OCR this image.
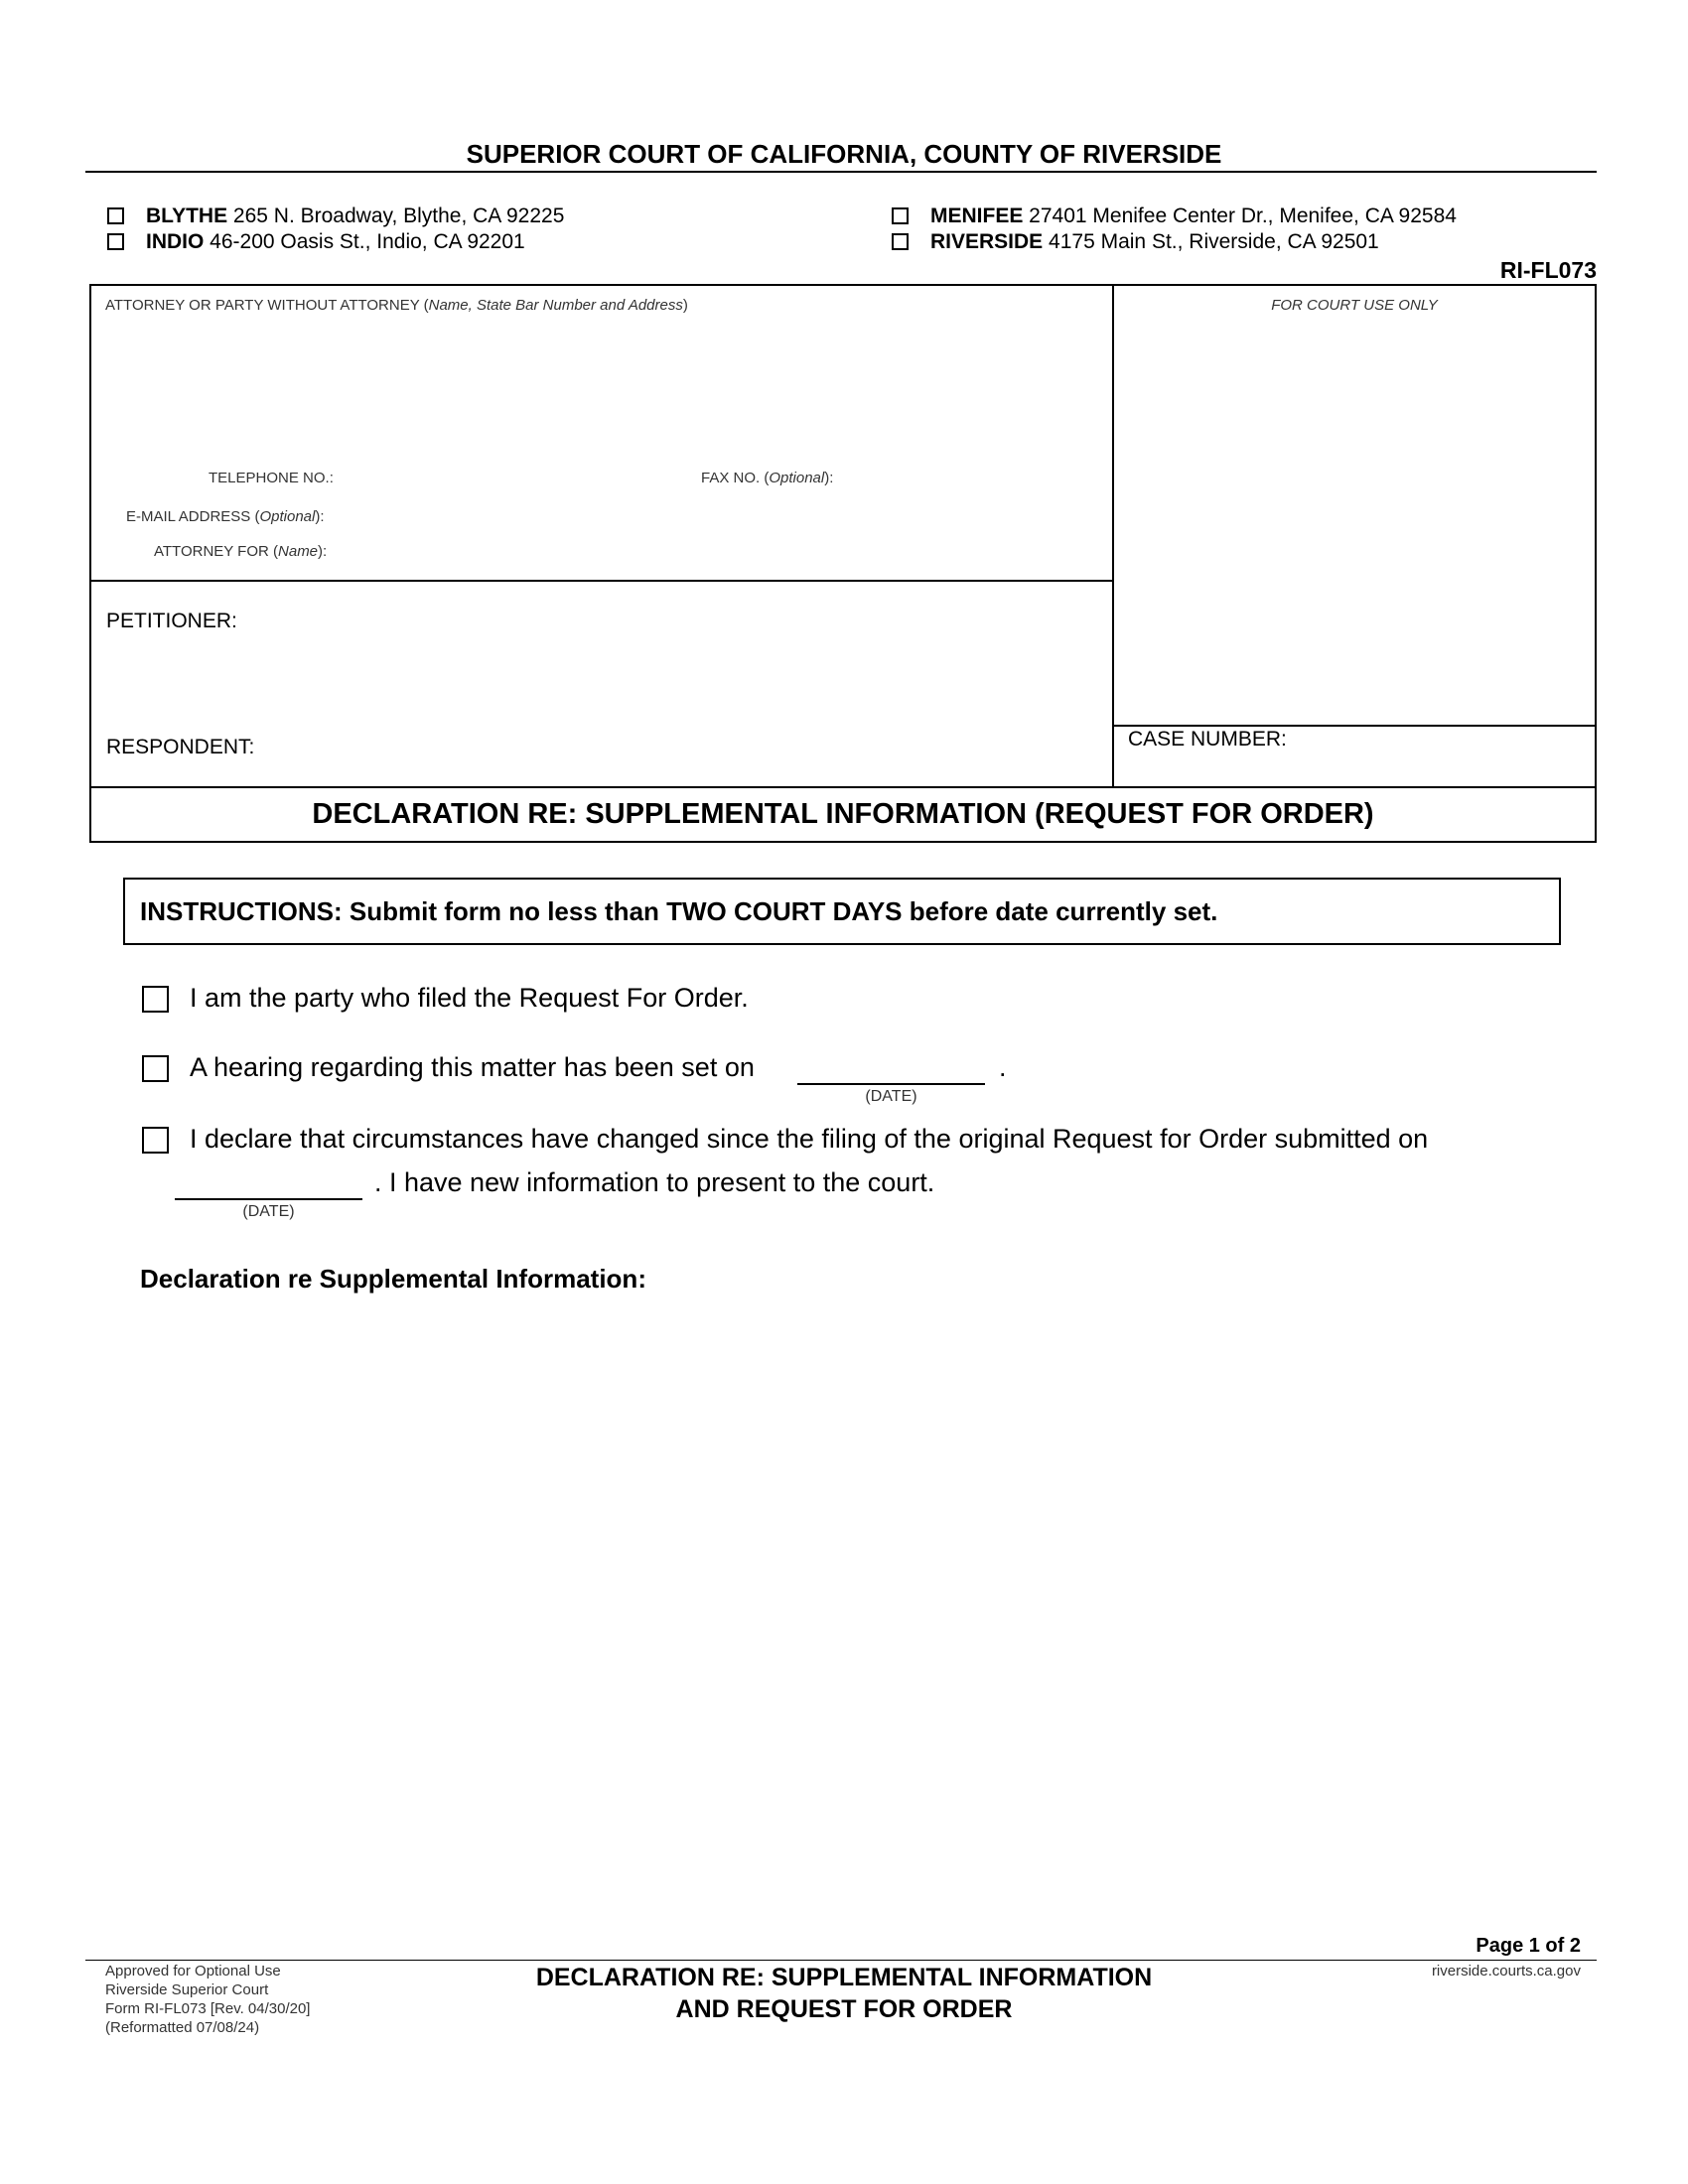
SUPERIOR COURT OF CALIFORNIA, COUNTY OF RIVERSIDE
BLYTHE 265 N. Broadway, Blythe, CA 92225
INDIO 46-200 Oasis St., Indio, CA 92201
MENIFEE 27401 Menifee Center Dr., Menifee, CA 92584
RIVERSIDE 4175 Main St., Riverside, CA 92501
RI-FL073
ATTORNEY OR PARTY WITHOUT ATTORNEY (Name, State Bar Number and Address)
TELEPHONE NO.:	FAX NO. (Optional):
E-MAIL ADDRESS (Optional):
ATTORNEY FOR (Name):
FOR COURT USE ONLY
PETITIONER:
RESPONDENT:	CASE NUMBER:
DECLARATION RE: SUPPLEMENTAL INFORMATION (REQUEST FOR ORDER)
INSTRUCTIONS: Submit form no less than TWO COURT DAYS before date currently set.
I am the party who filed the Request For Order.
A hearing regarding this matter has been set on
(DATE)
.
I declare that circumstances have changed since the filing of the original Request for Order submitted on
(DATE)
. I have new information to present to the court.
Declaration re Supplemental Information:
Page 1 of 2
Approved for Optional Use
Riverside Superior Court
Form RI-FL073 [Rev. 04/30/20]
(Reformatted 07/08/24)
DECLARATION RE: SUPPLEMENTAL INFORMATION
AND REQUEST FOR ORDER
riverside.courts.ca.gov
